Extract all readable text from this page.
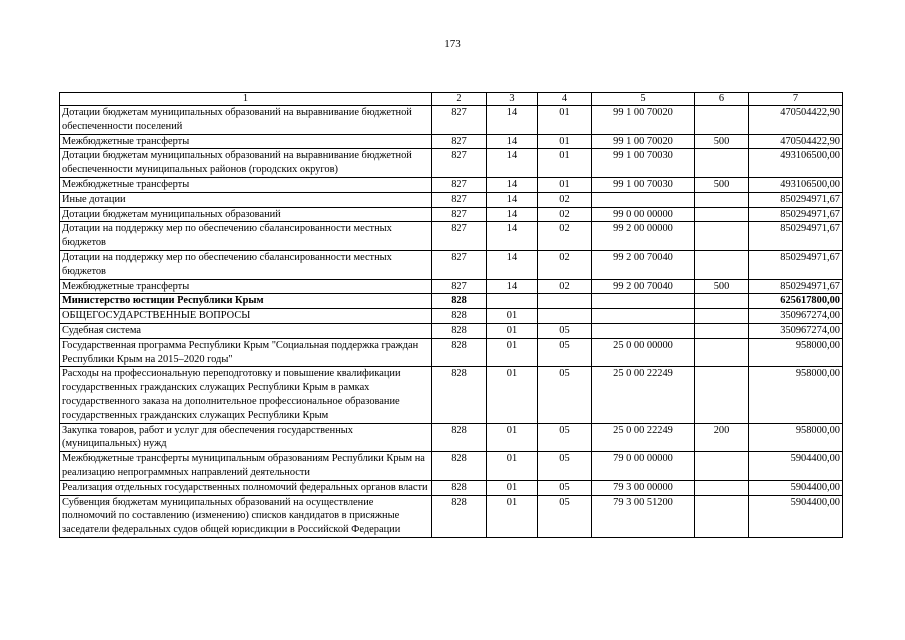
173
1	2	3	4	5	6	7
Дотации бюджетам муниципальных образований на выравнивание бюджетной обеспеченности поселений	827	14	01	99 1 00 70020		470504422,90
Межбюджетные трансферты	827	14	01	99 1 00 70020	500	470504422,90
Дотации бюджетам муниципальных образований на выравнивание бюджетной обеспеченности муниципальных районов (городских округов)	827	14	01	99 1 00 70030		493106500,00
Межбюджетные трансферты	827	14	01	99 1 00 70030	500	493106500,00
Иные дотации	827	14	02			850294971,67
Дотации бюджетам муниципальных образований	827	14	02	99 0 00 00000		850294971,67
Дотации на поддержку мер по обеспечению сбалансированности местных бюджетов	827	14	02	99 2 00 00000		850294971,67
Дотации на поддержку мер по обеспечению сбалансированности местных бюджетов	827	14	02	99 2 00 70040		850294971,67
Межбюджетные трансферты	827	14	02	99 2 00 70040	500	850294971,67
Министерство юстиции Республики Крым	828					625617800,00
ОБЩЕГОСУДАРСТВЕННЫЕ ВОПРОСЫ	828	01				350967274,00
Судебная система	828	01	05			350967274,00
Государственная программа Республики Крым "Социальная поддержка граждан Республики Крым на 2015–2020 годы"	828	01	05	25 0 00 00000		958000,00
Расходы на профессиональную переподготовку и повышение квалификации государственных гражданских служащих Республики Крым в рамках государственного заказа на дополнительное профессиональное образование государственных гражданских служащих Республики Крым	828	01	05	25 0 00 22249		958000,00
Закупка товаров, работ и услуг для обеспечения государственных (муниципальных) нужд	828	01	05	25 0 00 22249	200	958000,00
Межбюджетные трансферты муниципальным образованиям Республики Крым на реализацию непрограммных направлений деятельности	828	01	05	79 0 00 00000		5904400,00
Реализация отдельных государственных полномочий федеральных органов власти	828	01	05	79 3 00 00000		5904400,00
Субвенция бюджетам муниципальных образований на осуществление полномочий по составлению (изменению) списков кандидатов в присяжные заседатели федеральных судов общей юрисдикции в Российской Федерации	828	01	05	79 3 00 51200		5904400,00
